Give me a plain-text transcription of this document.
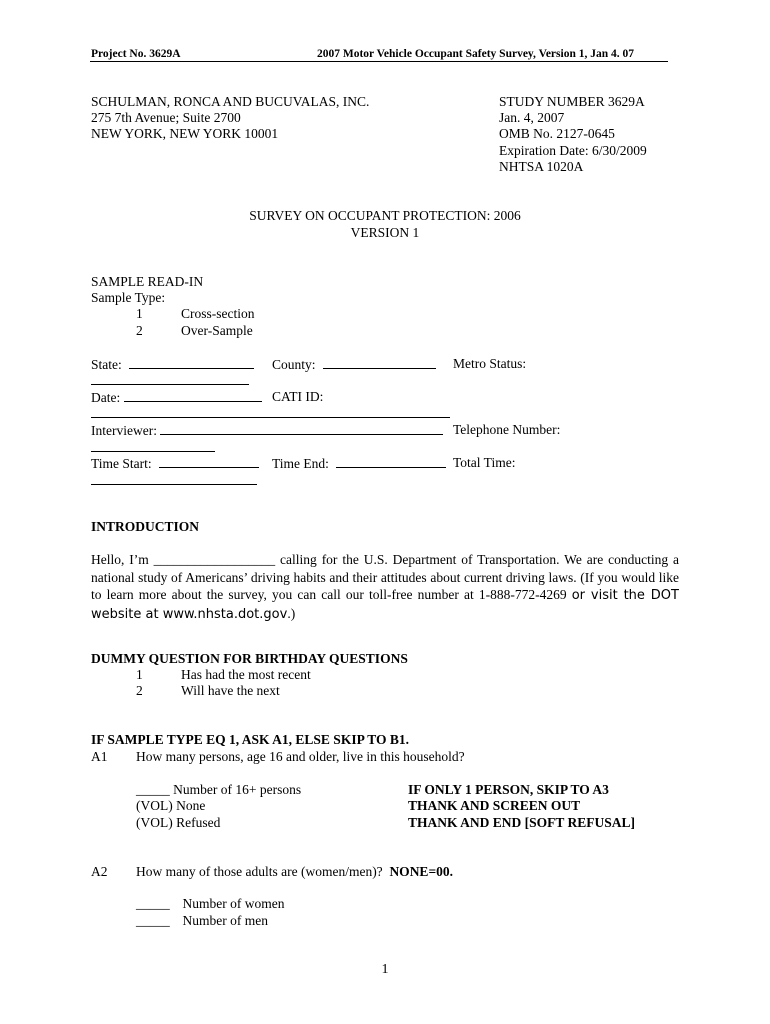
Project No. 3629A	2007 Motor Vehicle Occupant Safety Survey, Version 1, Jan 4. 07
SCHULMAN, RONCA AND BUCUVALAS, INC.
275 7th Avenue; Suite 2700
NEW YORK, NEW YORK 10001
STUDY NUMBER 3629A
Jan. 4, 2007
OMB No. 2127-0645
Expiration Date: 6/30/2009
NHTSA 1020A
SURVEY ON OCCUPANT PROTECTION: 2006
VERSION 1
SAMPLE READ-IN
Sample Type:
1	Cross-section
2	Over-Sample
State:	County:	Metro Status:
Date:	CATI ID:
Interviewer:	Telephone Number:
Time Start:	Time End:	Total Time:
INTRODUCTION
Hello, I’m __________________ calling for the U.S. Department of Transportation. We are conducting a national study of Americans’ driving habits and their attitudes about current driving laws. (If you would like to learn more about the survey, you can call our toll-free number at 1-888-772-4269 or visit the DOT website at www.nhsta.dot.gov.)
DUMMY QUESTION FOR BIRTHDAY QUESTIONS
1	Has had the most recent
2	Will have the next
IF SAMPLE TYPE EQ 1, ASK A1, ELSE SKIP TO B1.
A1 How many persons, age 16 and older, live in this household?
_____ Number of 16+ persons	IF ONLY 1 PERSON, SKIP TO A3
(VOL) None	THANK AND SCREEN OUT
(VOL) Refused	THANK AND END [SOFT REFUSAL]
A2 How many of those adults are (women/men)? NONE=00.
_____ Number of women
_____ Number of men
1
